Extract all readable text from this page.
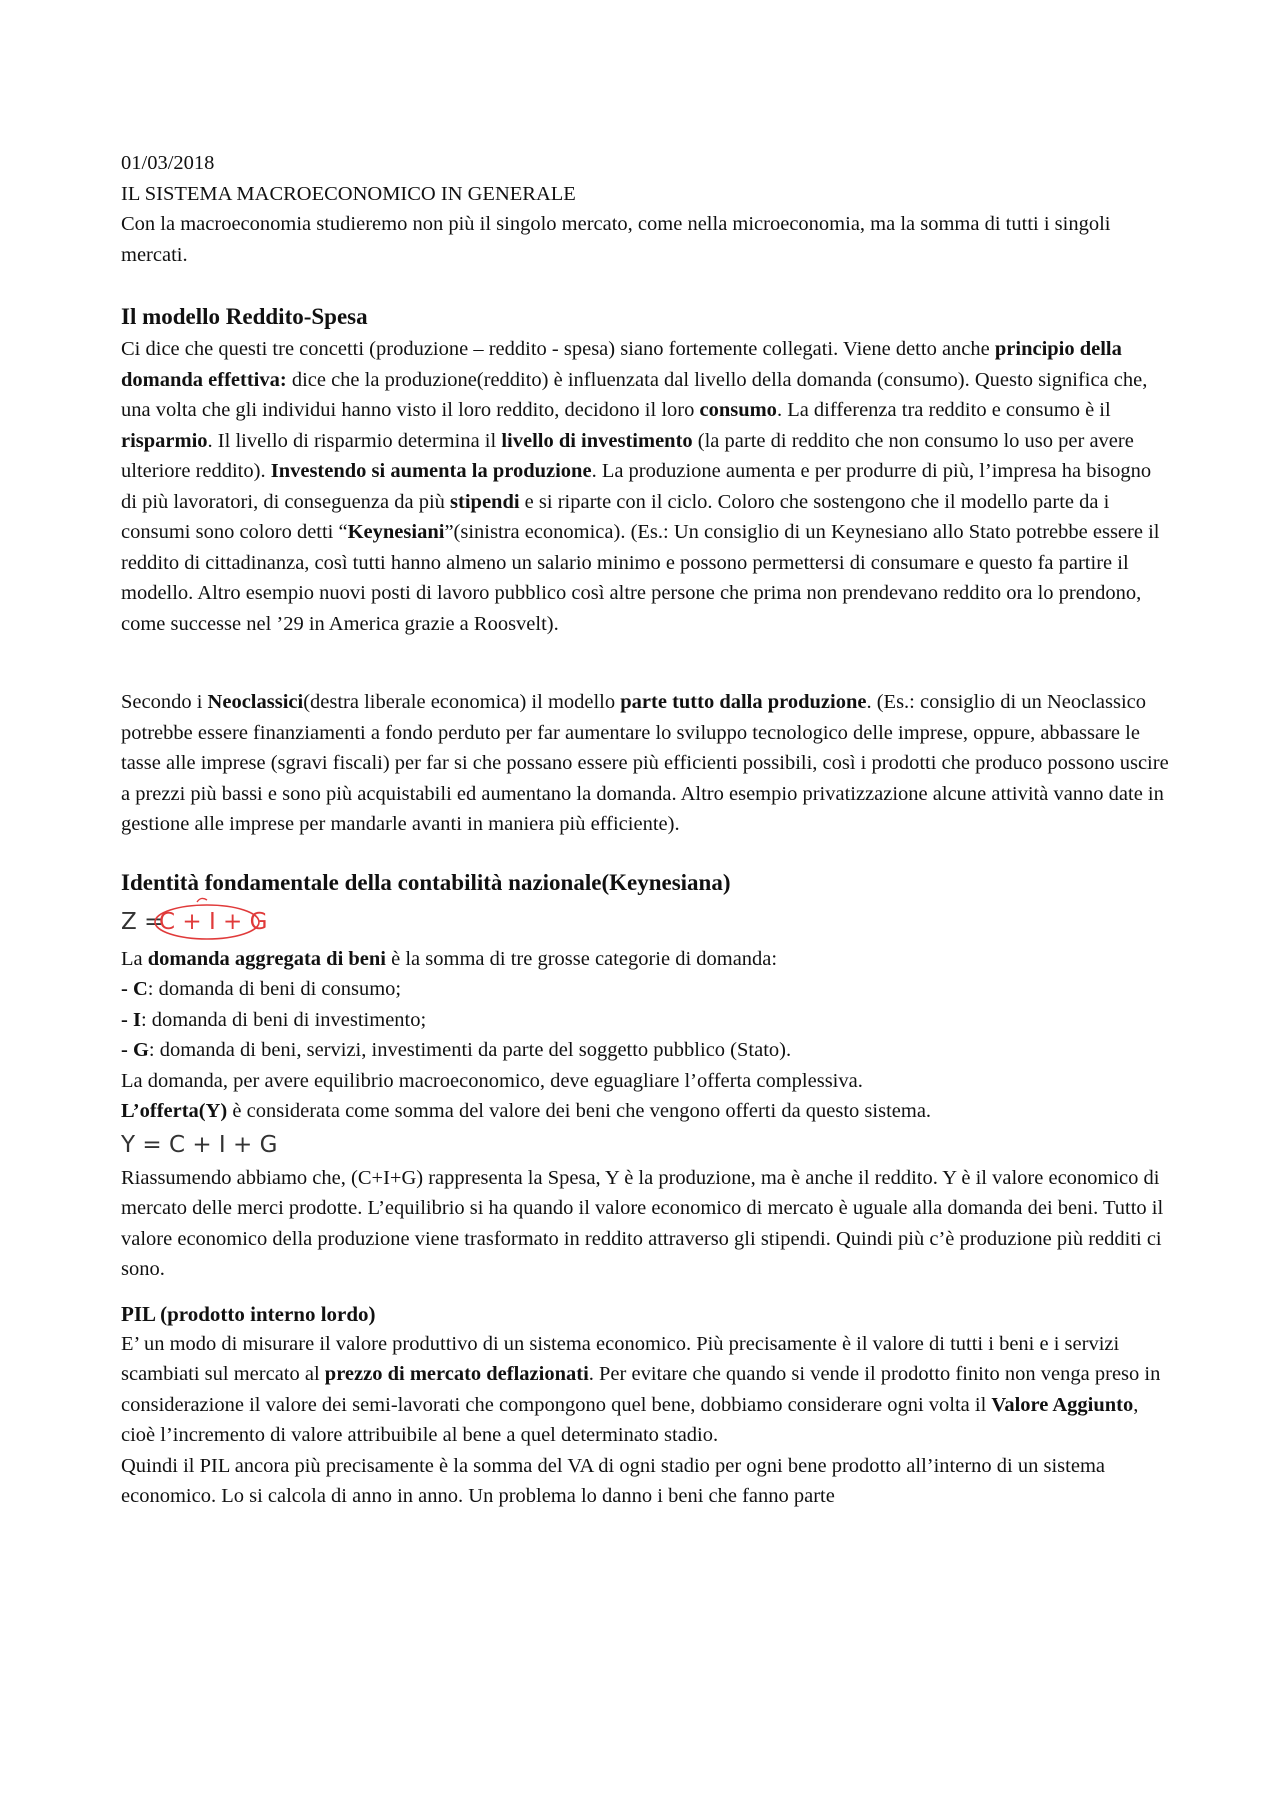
01/03/2018

IL SISTEMA MACROECONOMICO IN GENERALE

Con la macroeconomia studieremo non più il singolo mercato, come nella microeconomia, ma la somma di tutti i singoli mercati.

Il modello Reddito-Spesa

Ci dice che questi tre concetti (produzione – reddito - spesa) siano fortemente collegati. Viene detto anche principio della domanda effettiva: dice che la produzione(reddito) è influenzata dal livello della domanda (consumo). Questo significa che, una volta che gli individui hanno visto il loro reddito, decidono il loro consumo. La differenza tra reddito e consumo è il risparmio. Il livello di risparmio determina il livello di investimento (la parte di reddito che non consumo lo uso per avere ulteriore reddito). Investendo si aumenta la produzione. La produzione aumenta e per produrre di più, l’impresa ha bisogno di più lavoratori, di conseguenza da più stipendi e si riparte con il ciclo. Coloro che sostengono che il modello parte da i consumi sono coloro detti “Keynesiani”(sinistra economica). (Es.: Un consiglio di un Keynesiano allo Stato potrebbe essere il reddito di cittadinanza, così tutti hanno almeno un salario minimo e possono permettersi di consumare e questo fa partire il modello. Altro esempio nuovi posti di lavoro pubblico così altre persone che prima non prendevano reddito ora lo prendono, come successe nel ’29 in America grazie a Roosvelt).

Secondo i Neoclassici(destra liberale economica) il modello parte tutto dalla produzione. (Es.: consiglio di un Neoclassico potrebbe essere finanziamenti a fondo perduto per far aumentare lo sviluppo tecnologico delle imprese, oppure, abbassare le tasse alle imprese (sgravi fiscali) per far si che possano essere più efficienti possibili, così i prodotti che produco possono uscire a prezzi più bassi e sono più acquistabili ed aumentano la domanda. Altro esempio privatizzazione alcune attività vanno date in gestione alle imprese per mandarle avanti in maniera più efficiente).

Identità fondamentale della contabilità nazionale(Keynesiana)
Z =
C + I + G

La domanda aggregata di beni è la somma di tre grosse categorie di domanda:

- C: domanda di beni di consumo;

- I: domanda di beni di investimento;

- G: domanda di beni, servizi, investimenti da parte del soggetto pubblico (Stato).

La domanda, per avere equilibrio macroeconomico, deve eguagliare l’offerta complessiva.

L’offerta(Y) è considerata come somma del valore dei beni che vengono offerti da questo sistema.

Y = C + I + G

Riassumendo abbiamo che, (C+I+G) rappresenta la Spesa, Y è la produzione, ma è anche il reddito. Y è il valore economico di mercato delle merci prodotte. L’equilibrio si ha quando il valore economico di mercato è uguale alla domanda dei beni. Tutto il valore economico della produzione viene trasformato in reddito attraverso gli stipendi. Quindi più c’è produzione più redditi ci sono.

PIL (prodotto interno lordo)

E’ un modo di misurare il valore produttivo di un sistema economico. Più precisamente è il valore di tutti i beni e i servizi scambiati sul mercato al prezzo di mercato deflazionati. Per evitare che quando si vende il prodotto finito non venga preso in considerazione il valore dei semi-lavorati che compongono quel bene, dobbiamo considerare ogni volta il Valore Aggiunto, cioè l’incremento di valore attribuibile al bene a quel determinato stadio.

Quindi il PIL ancora più precisamente è la somma del VA di ogni stadio per ogni bene prodotto all’interno di un sistema economico. Lo si calcola di anno in anno. Un problema lo danno i beni che fanno parte
